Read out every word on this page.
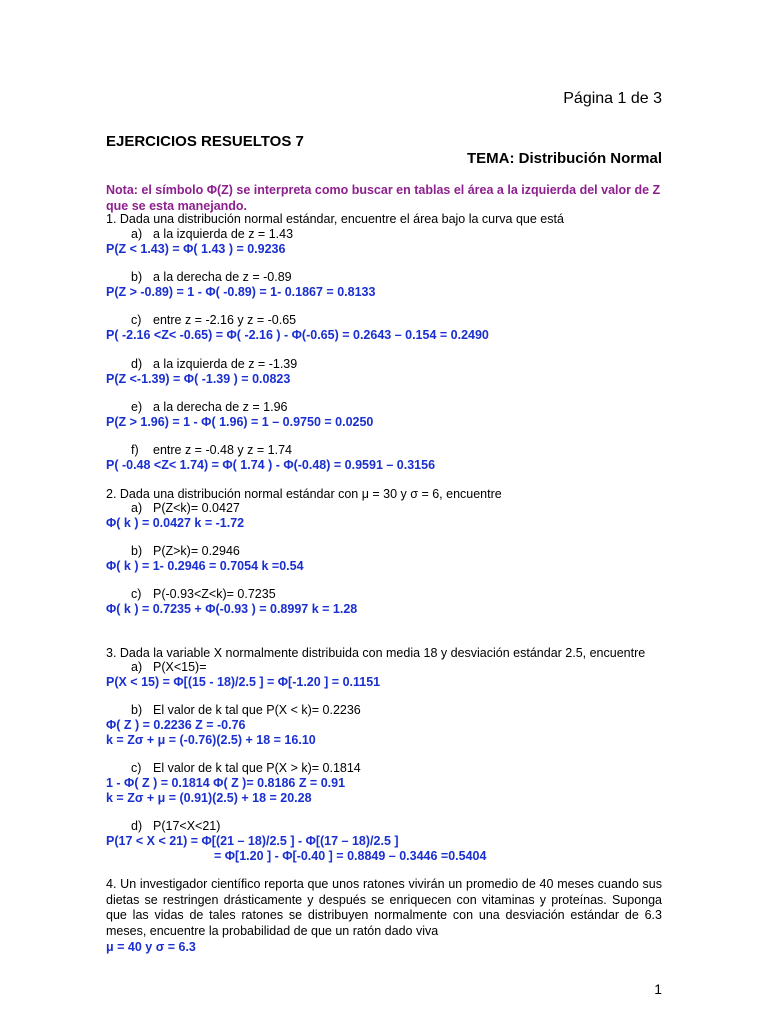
Página 1 de 3
EJERCICIOS RESUELTOS 7
TEMA: Distribución Normal
Nota: el símbolo Φ(Z) se interpreta como buscar en tablas el área a la izquierda del valor de Z que se esta manejando.
1. Dada una distribución normal estándar, encuentre el área bajo la curva que está
a) a la izquierda de z = 1.43
P(Z < 1.43) = Φ( 1.43 ) = 0.9236
b) a la derecha de z = -0.89
P(Z > -0.89) = 1 - Φ( -0.89) = 1- 0.1867 = 0.8133
c) entre z = -2.16 y z = -0.65
P( -2.16 <Z< -0.65) = Φ( -2.16 ) - Φ(-0.65) = 0.2643 – 0.154 = 0.2490
d) a la izquierda de z = -1.39
P(Z <-1.39) = Φ( -1.39 ) = 0.0823
e) a la derecha de z = 1.96
P(Z > 1.96) = 1 - Φ( 1.96) = 1 – 0.9750 = 0.0250
f) entre z = -0.48 y z = 1.74
P( -0.48 <Z< 1.74) = Φ( 1.74 ) - Φ(-0.48) = 0.9591 – 0.3156
2. Dada una distribución normal estándar con μ = 30 y σ = 6, encuentre
a) P(Z<k)= 0.0427
Φ( k ) = 0.0427 k = -1.72
b) P(Z>k)= 0.2946
Φ( k ) = 1- 0.2946 = 0.7054 k =0.54
c) P(-0.93<Z<k)= 0.7235
Φ( k ) = 0.7235 + Φ(-0.93 ) = 0.8997 k = 1.28
3. Dada la variable X normalmente distribuida con media 18 y desviación estándar 2.5, encuentre
a) P(X<15)=
P(X < 15) = Φ[(15 - 18)/2.5 ] = Φ[-1.20 ] = 0.1151
b) El valor de k tal que P(X < k)= 0.2236
Φ( Z ) = 0.2236 Z = -0.76
k = Zσ + μ = (-0.76)(2.5) + 18 = 16.10
c) El valor de k tal que P(X > k)= 0.1814
1 - Φ( Z ) = 0.1814 Φ( Z )= 0.8186 Z = 0.91
k = Zσ + μ = (0.91)(2.5) + 18 = 20.28
d) P(17<X<21)
P(17 < X < 21) = Φ[(21 – 18)/2.5 ] - Φ[(17 – 18)/2.5 ]
= Φ[1.20 ] - Φ[-0.40 ] = 0.8849 – 0.3446 =0.5404
4. Un investigador científico reporta que unos ratones vivirán un promedio de 40 meses cuando sus dietas se restringen drásticamente y después se enriquecen con vitaminas y proteínas. Suponga que las vidas de tales ratones se distribuyen normalmente con una desviación estándar de 6.3 meses, encuentre la probabilidad de que un ratón dado viva
μ = 40 y σ = 6.3
1
